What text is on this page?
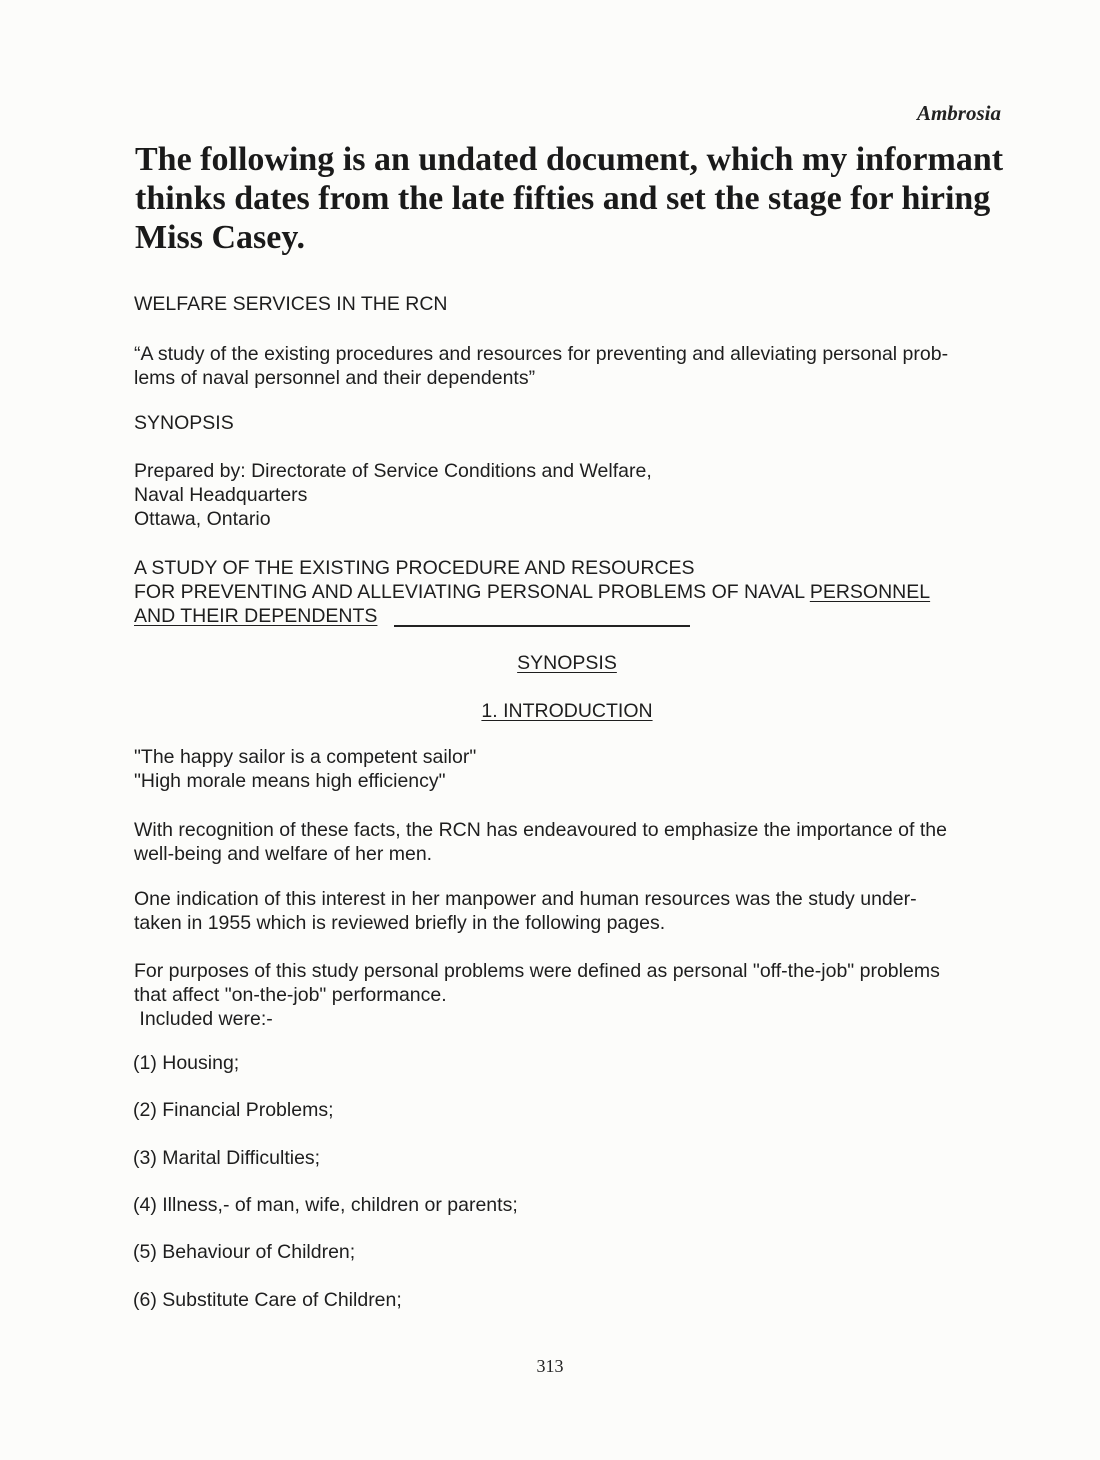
Ambrosia
The following is an undated document, which my informant
thinks dates from the late fifties and set the stage for hiring
Miss Casey.

WELFARE SERVICES IN THE RCN

“A study of the existing procedures and resources for preventing and alleviating personal prob-
lems of naval personnel and their dependents”

SYNOPSIS

Prepared by: Directorate of Service Conditions and Welfare,
Naval Headquarters
Ottawa, Ontario

A STUDY OF THE EXISTING PROCEDURE AND RESOURCES
FOR PREVENTING AND ALLEVIATING PERSONAL PROBLEMS OF NAVAL PERSONNEL
AND THEIR DEPENDENTS

SYNOPSIS
1. INTRODUCTION

"The happy sailor is a competent sailor"
"High morale means high efficiency"

With recognition of these facts, the RCN has endeavoured to emphasize the importance of the
well-being and welfare of her men.

One indication of this interest in her manpower and human resources was the study under-
taken in 1955 which is reviewed briefly in the following pages.

For purposes of this study personal problems were defined as personal "off-the-job" problems
that affect "on-the-job" performance.
Included were:-

(1) Housing;
(2) Financial Problems;
(3) Marital Difficulties;
(4) Illness,- of man, wife, children or parents;
(5) Behaviour of Children;
(6) Substitute Care of Children;
313
